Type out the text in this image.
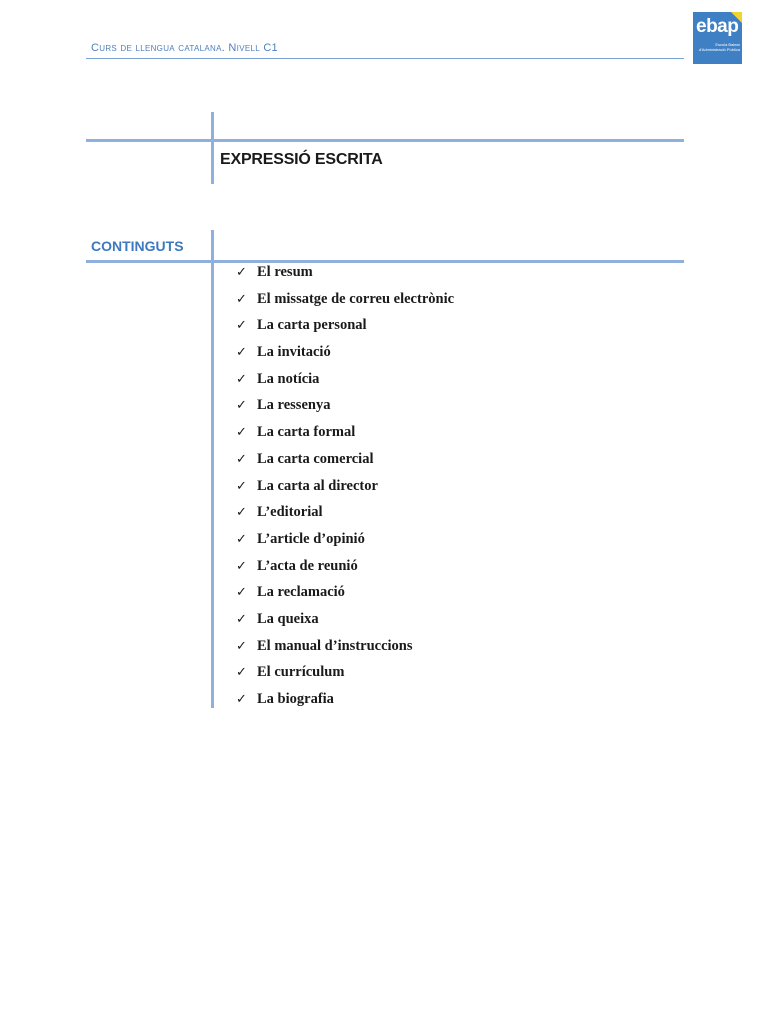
Curs de llengua catalana. Nivell C1
ebap
Escola Balear d'Administració Pública
EXPRESSIÓ ESCRITA
CONTINGUTS
✓ El resum
✓ El missatge de correu electrònic
✓ La carta personal
✓ La invitació
✓ La notícia
✓ La ressenya
✓ La carta formal
✓ La carta comercial
✓ La carta al director
✓ L’editorial
✓ L’article d’opinió
✓ L’acta de reunió
✓ La reclamació
✓ La queixa
✓ El manual d’instruccions
✓ El currículum
✓ La biografia
